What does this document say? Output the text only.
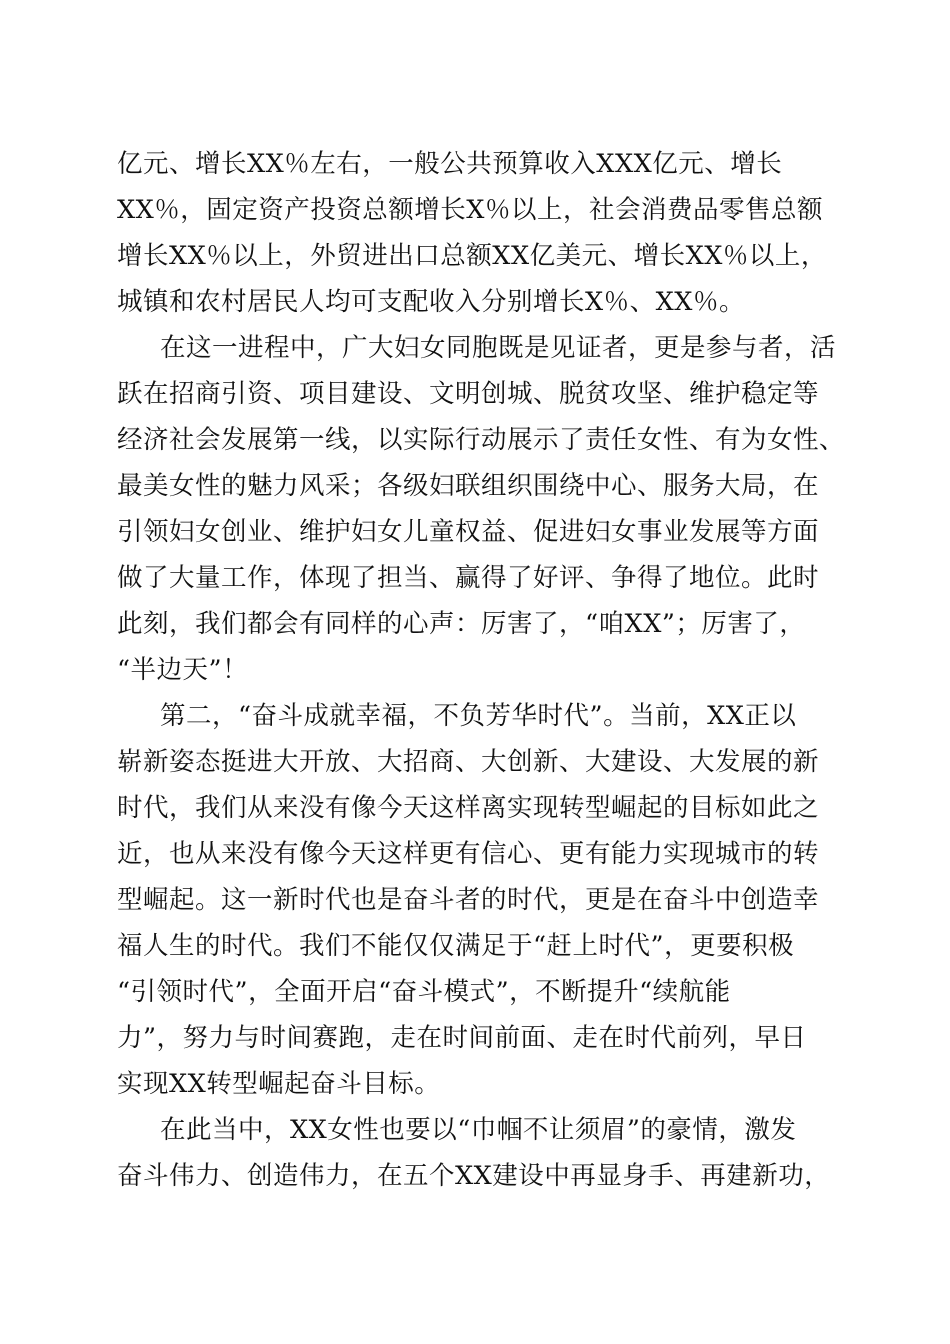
亿元、增长XX％左右，一般公共预算收入XXX亿元、增长
XX％，固定资产投资总额增长X％以上，社会消费品零售总额
增长XX％以上，外贸进出口总额XX亿美元、增长XX％以上，
城镇和农村居民人均可支配收入分别增长X％、XX％。
在这一进程中，广大妇女同胞既是见证者，更是参与者，活
跃在招商引资、项目建设、文明创城、脱贫攻坚、维护稳定等
经济社会发展第一线，以实际行动展示了责任女性、有为女性、
最美女性的魅力风采；各级妇联组织围绕中心、服务大局，在
引领妇女创业、维护妇女儿童权益、促进妇女事业发展等方面
做了大量工作，体现了担当、赢得了好评、争得了地位。此时
此刻，我们都会有同样的心声：厉害了，“咱XX”；厉害了，
“半边天”！
第二，“奋斗成就幸福，不负芳华时代”。当前，XX正以
崭新姿态挺进大开放、大招商、大创新、大建设、大发展的新
时代，我们从来没有像今天这样离实现转型崛起的目标如此之
近，也从来没有像今天这样更有信心、更有能力实现城市的转
型崛起。这一新时代也是奋斗者的时代，更是在奋斗中创造幸
福人生的时代。我们不能仅仅满足于“赶上时代”，更要积极
“引领时代”，全面开启“奋斗模式”，不断提升“续航能
力”，努力与时间赛跑，走在时间前面、走在时代前列，早日
实现XX转型崛起奋斗目标。
在此当中，XX女性也要以“巾帼不让须眉”的豪情，激发
奋斗伟力、创造伟力，在五个XX建设中再显身手、再建新功，
